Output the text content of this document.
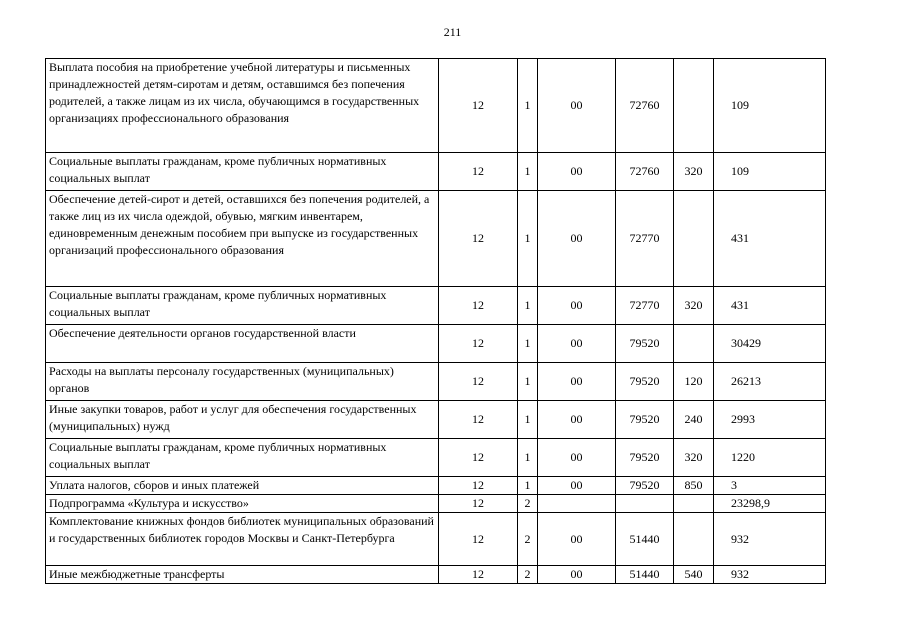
211
Выплата пособия на приобретение учебной литературы и письменных принадлежностей детям-сиротам и детям, оставшимся без попечения родителей, а также лицам из их числа, обучающимся в государственных организациях профессионального образования	12	1	00	72760		109
Социальные выплаты гражданам, кроме публичных нормативных социальных выплат	12	1	00	72760	320	109
Обеспечение детей-сирот и детей, оставшихся без попечения родителей, а также лиц из их числа одеждой, обувью, мягким инвентарем, единовременным денежным пособием при выпуске из государственных организаций профессионального образования	12	1	00	72770		431
Социальные выплаты гражданам, кроме публичных нормативных социальных выплат	12	1	00	72770	320	431
Обеспечение деятельности органов государственной власти	12	1	00	79520		30429
Расходы на выплаты персоналу государственных (муниципальных) органов	12	1	00	79520	120	26213
Иные закупки товаров, работ и услуг для обеспечения государственных (муниципальных) нужд	12	1	00	79520	240	2993
Социальные выплаты гражданам, кроме публичных нормативных социальных выплат	12	1	00	79520	320	1220
Уплата налогов, сборов и иных платежей	12	1	00	79520	850	3
Подпрограмма «Культура и искусство»	12	2				23298,9
Комплектование книжных фондов библиотек муниципальных образований и государственных библиотек городов Москвы и Санкт-Петербурга	12	2	00	51440		932
Иные межбюджетные трансферты	12	2	00	51440	540	932
